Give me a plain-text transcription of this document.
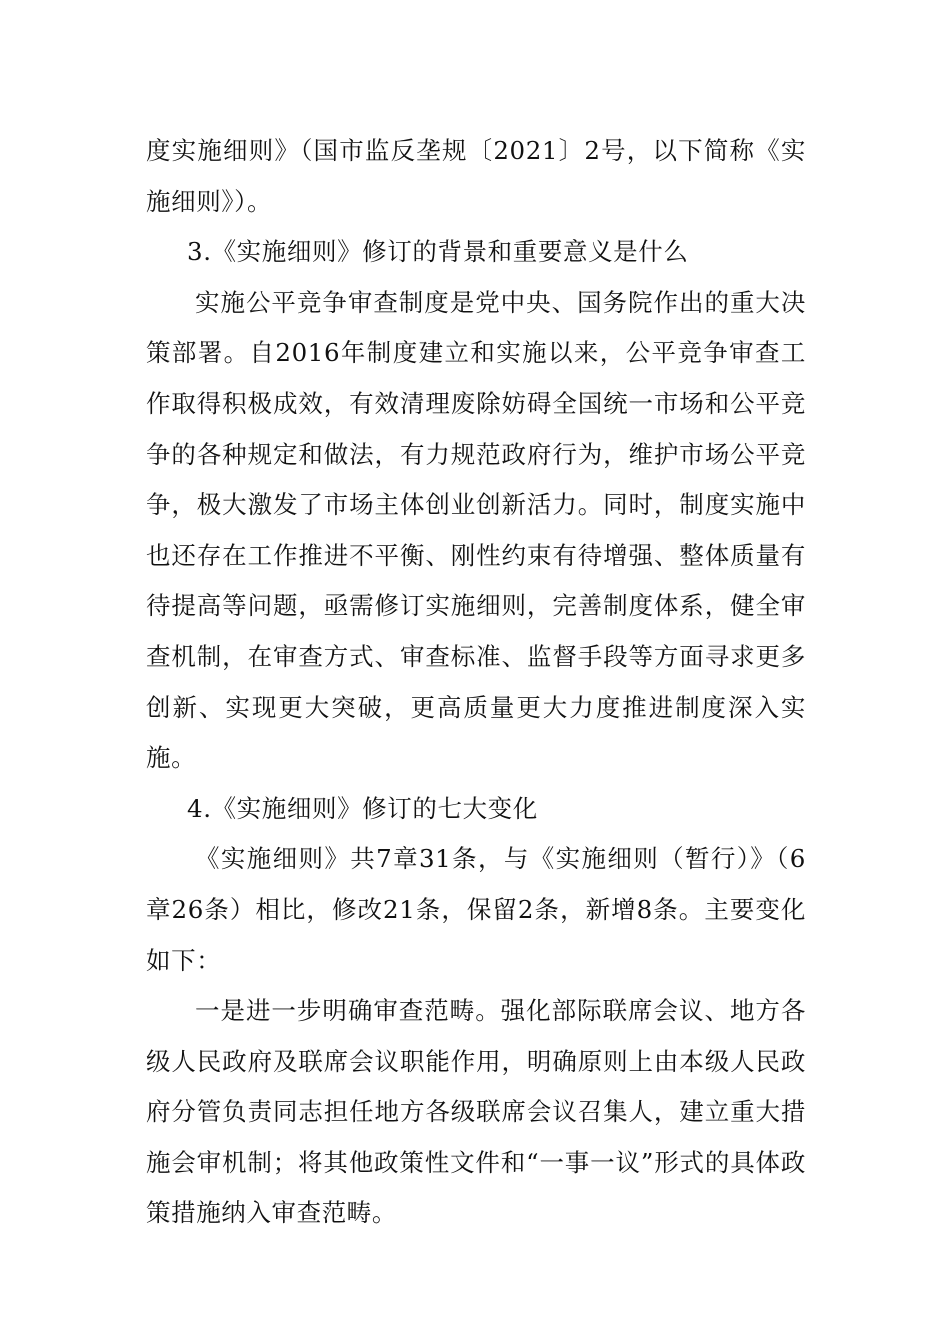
度实施细则》（国市监反垄规〔2021〕2号，以下简称《实施细则》）。

3.《实施细则》修订的背景和重要意义是什么

实施公平竞争审查制度是党中央、国务院作出的重大决策部署。自2016年制度建立和实施以来，公平竞争审查工作取得积极成效，有效清理废除妨碍全国统一市场和公平竞争的各种规定和做法，有力规范政府行为，维护市场公平竞争，极大激发了市场主体创业创新活力。同时，制度实施中也还存在工作推进不平衡、刚性约束有待增强、整体质量有待提高等问题，亟需修订实施细则，完善制度体系，健全审查机制，在审查方式、审查标准、监督手段等方面寻求更多创新、实现更大突破，更高质量更大力度推进制度深入实施。

4.《实施细则》修订的七大变化

《实施细则》共7章31条，与《实施细则（暂行）》（6章26条）相比，修改21条，保留2条，新增8条。主要变化如下：

一是进一步明确审查范畴。强化部际联席会议、地方各级人民政府及联席会议职能作用，明确原则上由本级人民政府分管负责同志担任地方各级联席会议召集人，建立重大措施会审机制；将其他政策性文件和“一事一议”形式的具体政策措施纳入审查范畴。
